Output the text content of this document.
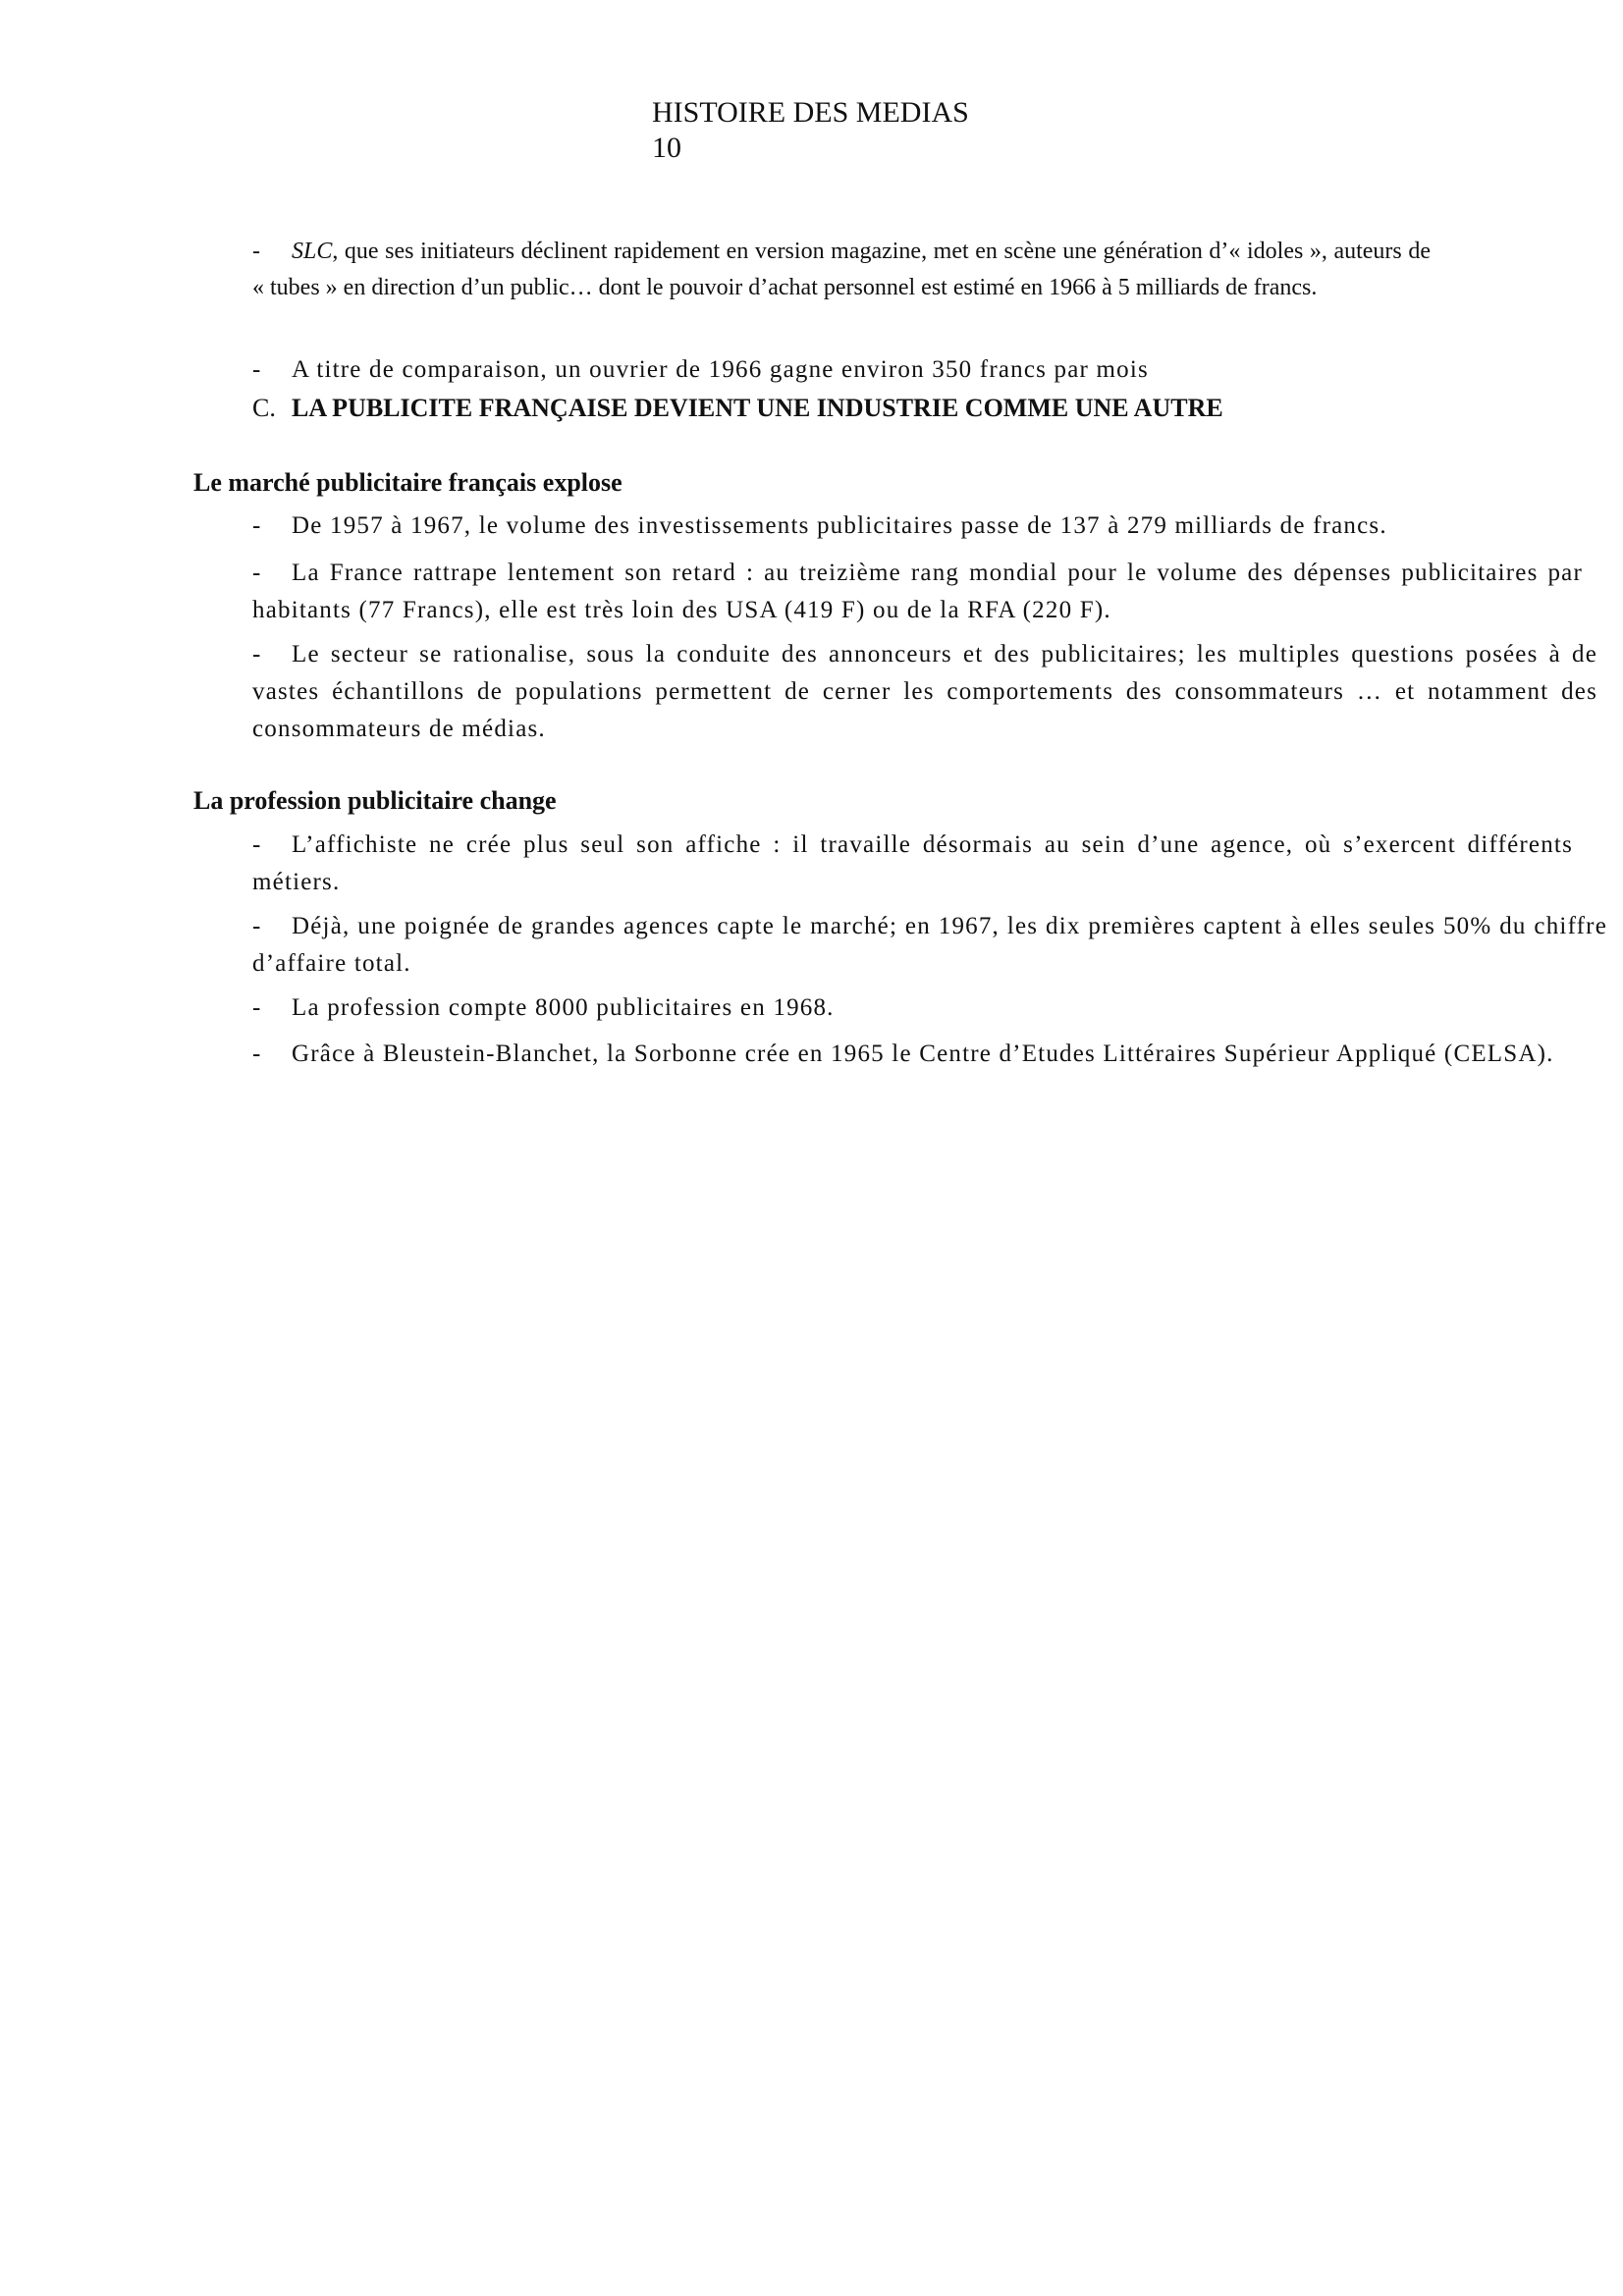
HISTOIRE DES MEDIAS
10
- SLC, que ses initiateurs déclinent rapidement en version magazine, met en scène une génération d’« idoles », auteurs de « tubes » en direction d’un public… dont le pouvoir d’achat personnel est estimé en 1966 à 5 milliards de francs.
- A titre de comparaison, un ouvrier de 1966 gagne environ 350 francs par mois
C. LA PUBLICITE FRANÇAISE DEVIENT UNE INDUSTRIE COMME UNE AUTRE
Le marché publicitaire français explose
- De 1957 à 1967, le volume des investissements publicitaires passe de 137 à 279 milliards de francs.
- La France rattrape lentement son retard : au treizième rang mondial pour le volume des dépenses publicitaires par habitants (77 Francs), elle est très loin des USA (419 F) ou de la RFA (220 F).
- Le secteur se rationalise, sous la conduite des annonceurs et des publicitaires; les multiples questions posées à de vastes échantillons de populations permettent de cerner les comportements des consommateurs … et notamment des consommateurs de médias.
La profession publicitaire change
- L’affichiste ne crée plus seul son affiche : il travaille désormais au sein d’une agence, où s’exercent différents métiers.
- Déjà, une poignée de grandes agences capte le marché; en 1967, les dix premières captent à elles seules 50% du chiffre d’affaire total.
- La profession compte 8000 publicitaires en 1968.
- Grâce à Bleustein-Blanchet, la Sorbonne crée en 1965 le Centre d’Etudes Littéraires Supérieur Appliqué (CELSA).
